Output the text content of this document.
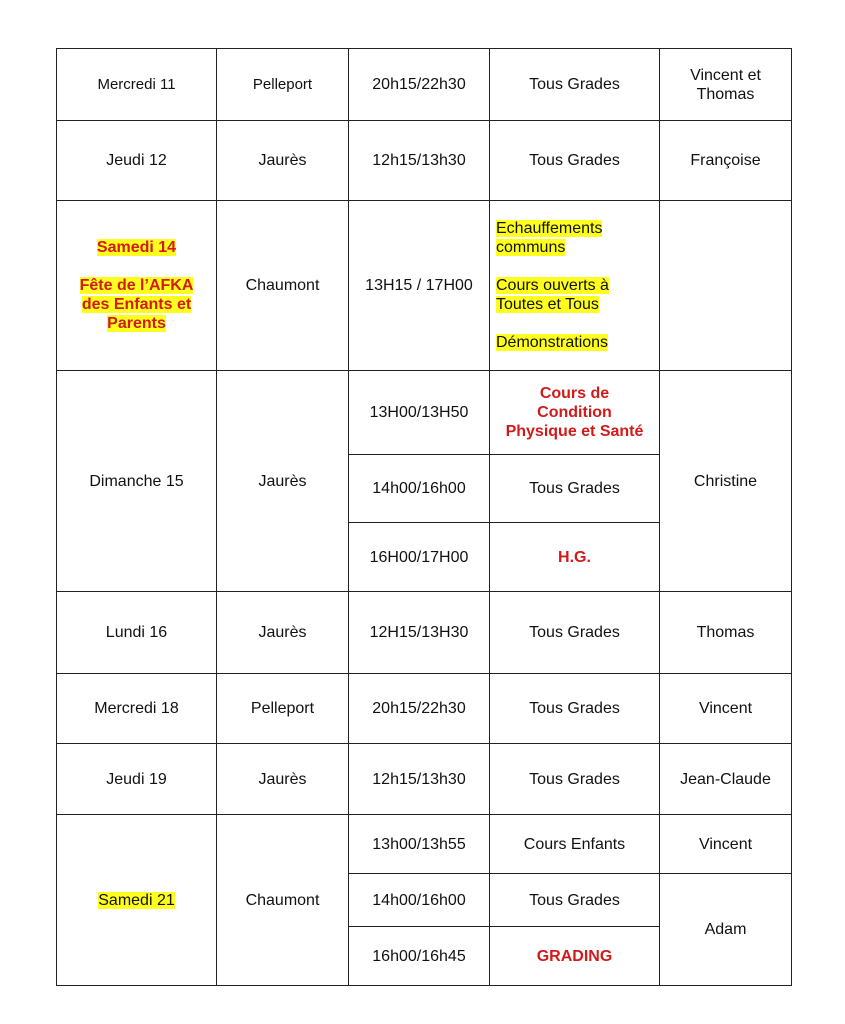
Mercredi 11	Pelleport	20h15/22h30	Tous Grades	Vincent et
Thomas

Jeudi 12	Jaurès	12h15/13h30	Tous Grades	Françoise

Samedi 14
Fête de l’AFKA
des Enfants et
Parents	Chaumont	13H15 / 17H00	Echauffements
communs
Cours ouverts à
Toutes et Tous
Démonstrations	

Dimanche 15	Jaurès	13H00/13H50	Cours de
Condition
Physique et Santé	Christine
		14h00/16h00	Tous Grades	
		16H00/17H00	H.G.	
Lundi 16	Jaurès	12H15/13H30	Tous Grades	Thomas
Mercredi 18	Pelleport	20h15/22h30	Tous Grades	Vincent
Jeudi 19	Jaurès	12h15/13h30	Tous Grades	Jean-Claude
Samedi 21	Chaumont	13h00/13h55	Cours Enfants	Vincent
		14h00/16h00	Tous Grades	Adam
		16h00/16h45	GRADING	
